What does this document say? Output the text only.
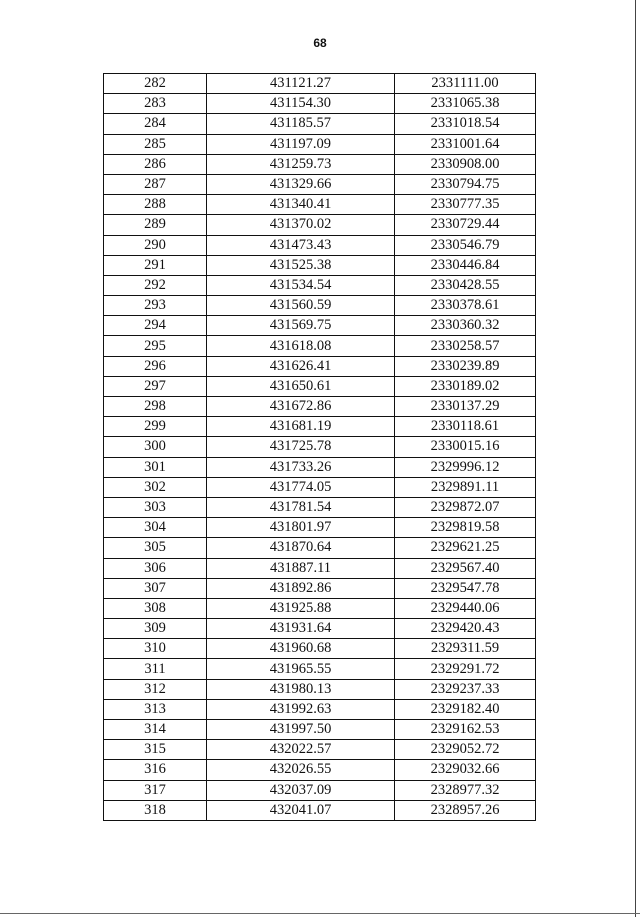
68
282	431121.27	2331111.00
283	431154.30	2331065.38
284	431185.57	2331018.54
285	431197.09	2331001.64
286	431259.73	2330908.00
287	431329.66	2330794.75
288	431340.41	2330777.35
289	431370.02	2330729.44
290	431473.43	2330546.79
291	431525.38	2330446.84
292	431534.54	2330428.55
293	431560.59	2330378.61
294	431569.75	2330360.32
295	431618.08	2330258.57
296	431626.41	2330239.89
297	431650.61	2330189.02
298	431672.86	2330137.29
299	431681.19	2330118.61
300	431725.78	2330015.16
301	431733.26	2329996.12
302	431774.05	2329891.11
303	431781.54	2329872.07
304	431801.97	2329819.58
305	431870.64	2329621.25
306	431887.11	2329567.40
307	431892.86	2329547.78
308	431925.88	2329440.06
309	431931.64	2329420.43
310	431960.68	2329311.59
311	431965.55	2329291.72
312	431980.13	2329237.33
313	431992.63	2329182.40
314	431997.50	2329162.53
315	432022.57	2329052.72
316	432026.55	2329032.66
317	432037.09	2328977.32
318	432041.07	2328957.26
